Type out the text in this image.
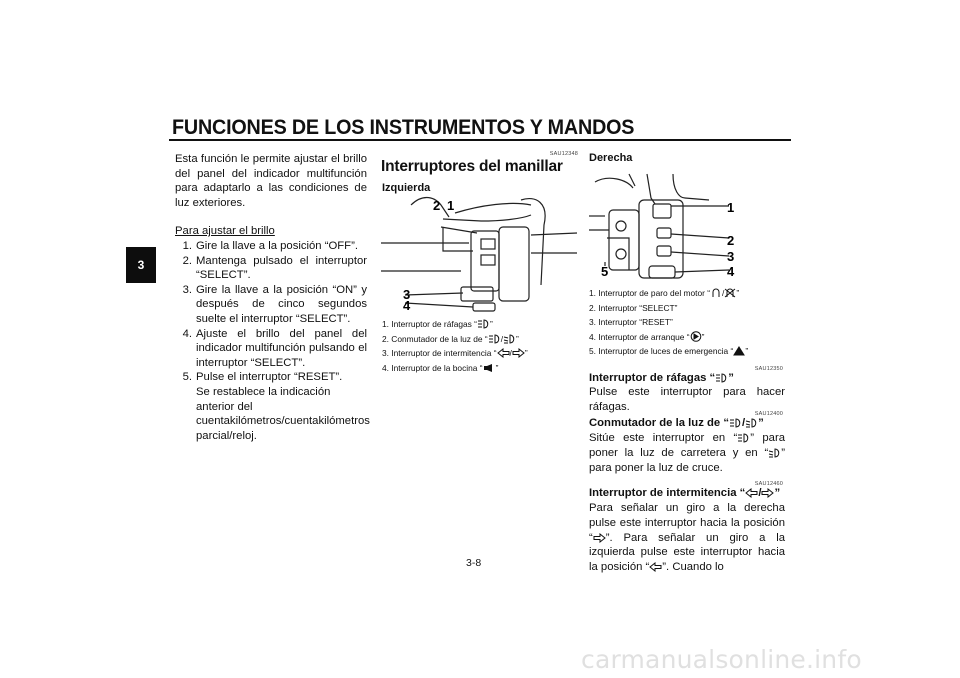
FUNCIONES DE LOS INSTRUMENTOS Y MANDOS
3

Esta función le permite ajustar el brillo del panel del indicador multifunción para adaptarlo a las condiciones de luz exteriores.

Para ajustar el brillo

1. Gire la llave a la posición “OFF”.
2. Mantenga pulsado el interruptor “SELECT”.
3. Gire la llave a la posición “ON” y después de cinco segundos suelte el interruptor “SELECT”.
4. Ajuste el brillo del panel del indicador multifunción pulsando el interruptor “SELECT”.
5. Pulse el interruptor “RESET”.

Se restablece la indicación anterior del cuentakilómetros/cuentakilómetros parcial/reloj.

SAU12348
Interruptores del manillar
Izquierda
2 1
3
4

1. Interruptor de ráfagas “ ”

2. Conmutador de la luz de “ / ”

3. Interruptor de intermitencia “ / ”

4. Interruptor de la bocina “ ”

Derecha
1
2
3
4
5

1. Interruptor de paro del motor “ / ”

2. Interruptor “SELECT”

3. Interruptor “RESET”

4. Interruptor de arranque “ ”

5. Interruptor de luces de emergencia “ ”

SAU12350
Interruptor de ráfagas “ ”
Pulse este interruptor para hacer ráfagas.
SAU12400
Conmutador de la luz de “ / ”
Sitúe este interruptor en “ ” para poner la luz de carretera y en “ ” para poner la luz de cruce.
SAU12460
Interruptor de intermitencia “ / ”
Para señalar un giro a la derecha pulse este interruptor hacia la posición “ ”. Para señalar un giro a la izquierda pulse este interruptor hacia la posición “ ”. Cuando lo
3-8
carmanualsonline.info
